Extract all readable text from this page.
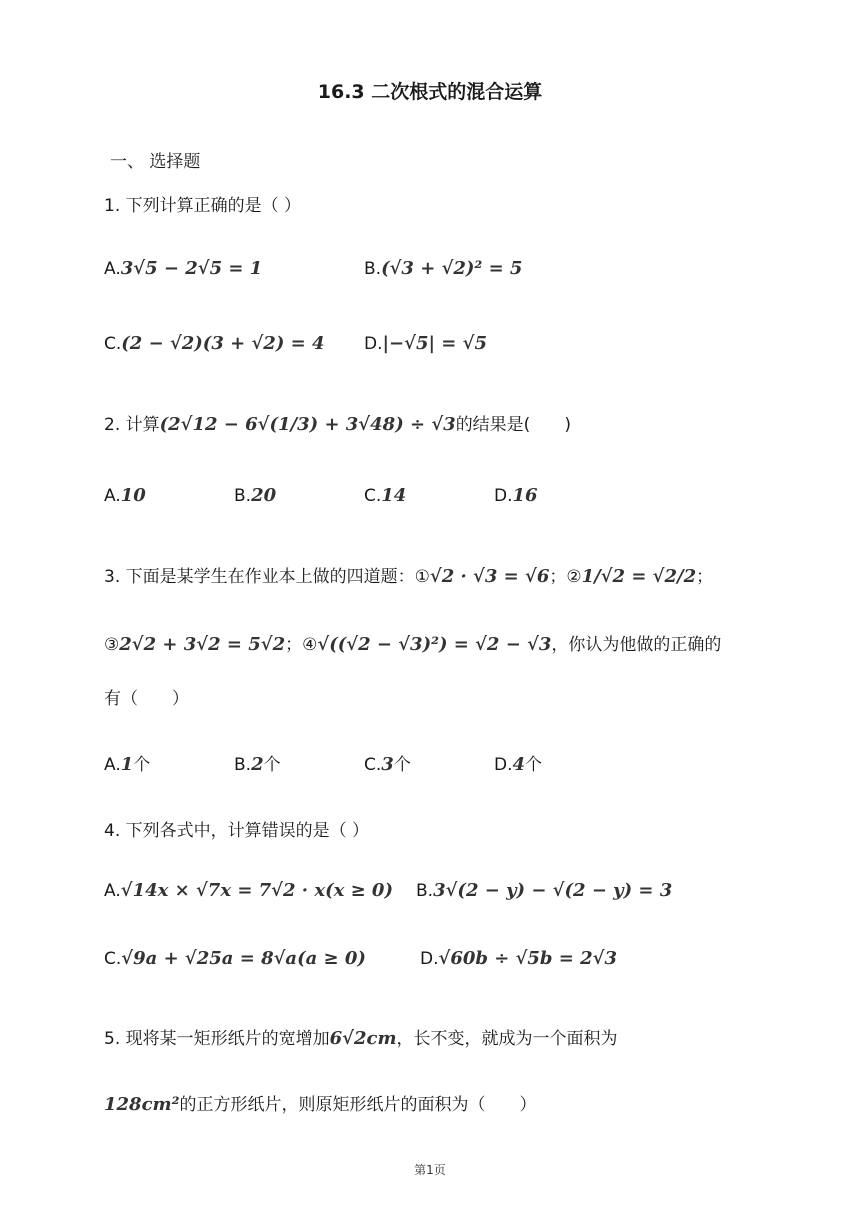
16.3 二次根式的混合运算
一、 选择题
1. 下列计算正确的是（ ）
A.3√5 − 2√5 = 1	B.(√3 + √2)² = 5
C.(2 − √2)(3 + √2) = 4 D.|−√5| = √5
2. 计算(2√12 − 6√(1/3) + 3√48) ÷ √3的结果是(　　)
A.10	B.20	C.14	D.16
3. 下面是某学生在作业本上做的四道题：①√2 · √3 = √6；②1/√2 = √2/2；
③2√2 + 3√2 = 5√2；④√((√2 − √3)²) = √2 − √3，你认为他做的正确的
有（　　）
A.1个	B.2个	C.3个	D.4个
4. 下列各式中，计算错误的是（ ）
A.√14x × √7x = 7√2 · x(x ≥ 0) B.3√(2 − y) − √(2 − y) = 3
C.√9a + √25a = 8√a(a ≥ 0)	D.√60b ÷ √5b = 2√3
5. 现将某一矩形纸片的宽增加6√2cm，长不变，就成为一个面积为
128cm²的正方形纸片，则原矩形纸片的面积为（　　）
第1页
